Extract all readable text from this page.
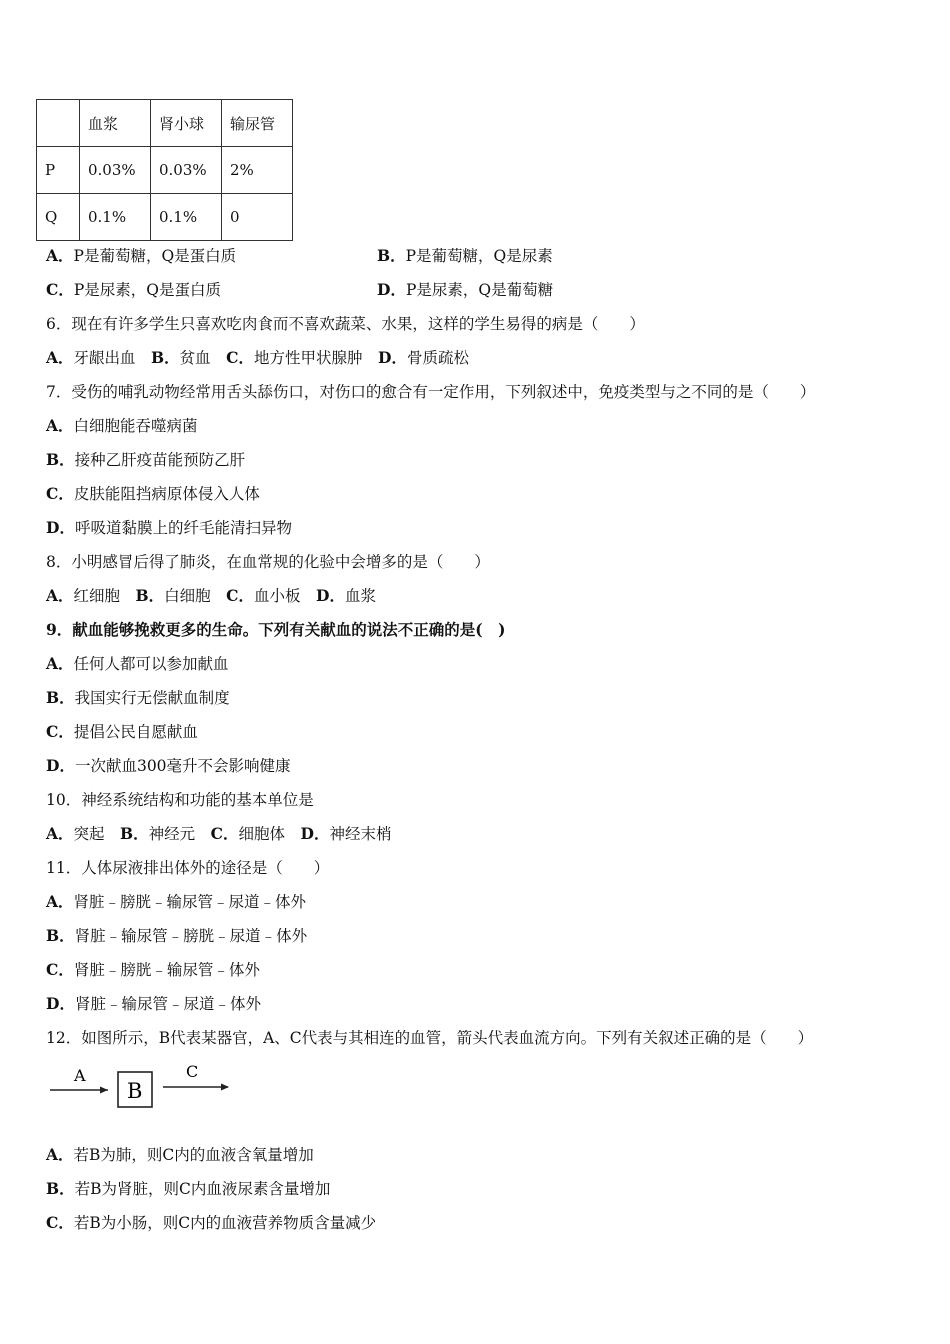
	血浆	肾小球	输尿管
P	0.03%	0.03%	2%
Q	0.1%	0.1%	0
A．P是葡萄糖，Q是蛋白质	B．P是葡萄糖，Q是尿素
C．P是尿素，Q是蛋白质	D．P是尿素，Q是葡萄糖
6．现在有许多学生只喜欢吃肉食而不喜欢蔬菜、水果，这样的学生易得的病是（　　）
A．牙龈出血　B．贫血　C．地方性甲状腺肿　D．骨质疏松
7．受伤的哺乳动物经常用舌头舔伤口，对伤口的愈合有一定作用，下列叙述中，免疫类型与之不同的是（　　）
A．白细胞能吞噬病菌
B．接种乙肝疫苗能预防乙肝
C．皮肤能阻挡病原体侵入人体
D．呼吸道黏膜上的纤毛能清扫异物
8．小明感冒后得了肺炎，在血常规的化验中会增多的是（　　）
A．红细胞　B．白细胞　C．血小板　D．血浆
9．献血能够挽救更多的生命。下列有关献血的说法不正确的是(　)
A．任何人都可以参加献血
B．我国实行无偿献血制度
C．提倡公民自愿献血
D．一次献血300毫升不会影响健康
10．神经系统结构和功能的基本单位是
A．突起　B．神经元　C．细胞体　D．神经末梢
11．人体尿液排出体外的途径是（　　）
A．肾脏﹣膀胱﹣输尿管﹣尿道﹣体外
B．肾脏﹣输尿管﹣膀胱﹣尿道﹣体外
C．肾脏﹣膀胱﹣输尿管﹣体外
D．肾脏﹣输尿管﹣尿道﹣体外
12．如图所示，B代表某器官，A、C代表与其相连的血管，箭头代表血流方向。下列有关叙述正确的是（　　）
A
B
C
A．若B为肺，则C内的血液含氧量增加
B．若B为肾脏，则C内血液尿素含量增加
C．若B为小肠，则C内的血液营养物质含量减少
